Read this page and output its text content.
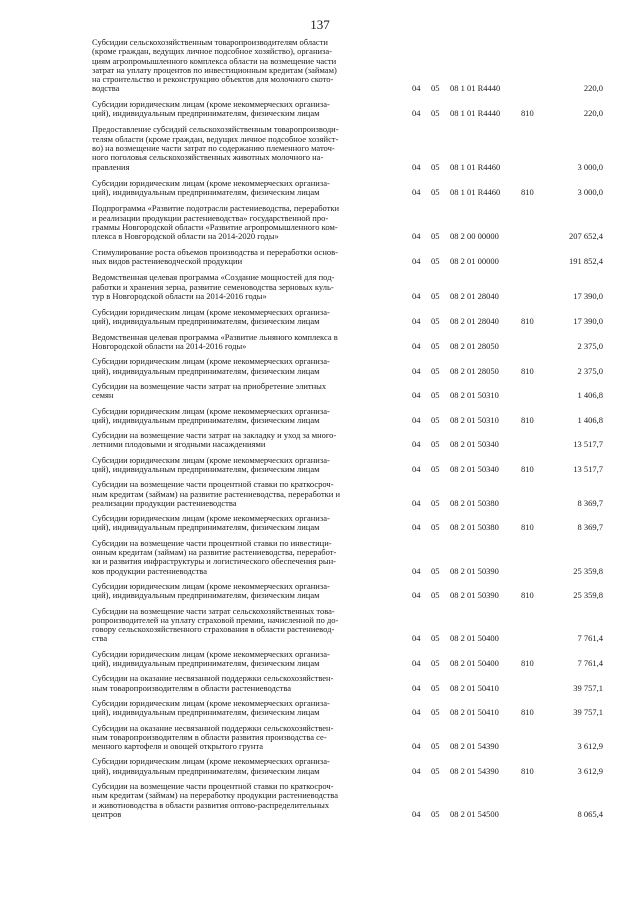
137
Субсидии сельскохозяйственным товаропроизводителям области
(кроме граждан, ведущих личное подсобное хозяйство), организа-
циям агропромышленного комплекса области на возмещение части
затрат на уплату процентов по инвестиционным кредитам (займам)
на строительство и реконструкцию объектов для молочного ското-
водства	04 05 08 1 01 R4440	220,0
Субсидии юридическим лицам (кроме некоммерческих организа-
ций), индивидуальным предпринимателям, физическим лицам	04 05 08 1 01 R4440 810	220,0
Предоставление субсидий сельскохозяйственным товаропроизводи-
телям области (кроме граждан, ведущих личное подсобное хозяйст-
во) на возмещение части затрат по содержанию племенного маточ-
ного поголовья сельскохозяйственных животных молочного на-
правления	04 05 08 1 01 R4460	3 000,0
Субсидии юридическим лицам (кроме некоммерческих организа-
ций), индивидуальным предпринимателям, физическим лицам	04 05 08 1 01 R4460 810	3 000,0
Подпрограмма «Развитие подотрасли растениеводства, переработки
и реализации продукции растениеводства» государственной про-
граммы Новгородской области «Развитие агропромышленного ком-
плекса в Новгородской области на 2014-2020 годы»	04 05 08 2 00 00000	207 652,4
Стимулирование роста объемов производства и переработки основ-
ных видов растениеводческой продукции	04 05 08 2 01 00000	191 852,4
Ведомственная целевая программа «Создание мощностей для под-
работки и хранения зерна, развитие семеноводства зерновых куль-
тур в Новгородской области на 2014-2016 годы»	04 05 08 2 01 28040	17 390,0
Субсидии юридическим лицам (кроме некоммерческих организа-
ций), индивидуальным предпринимателям, физическим лицам	04 05 08 2 01 28040	810	17 390,0
Ведомственная целевая программа «Развитие льняного комплекса в
Новгородской области на 2014-2016 годы»	04 05 08 2 01 28050	2 375,0
Субсидии юридическим лицам (кроме некоммерческих организа-
ций), индивидуальным предпринимателям, физическим лицам	04 05 08 2 01 28050	810	2 375,0
Субсидии на возмещение части затрат на приобретение элитных
семян	04 05 08 2 01 50310	1 406,8
Субсидии юридическим лицам (кроме некоммерческих организа-
ций), индивидуальным предпринимателям, физическим лицам	04 05 08 2 01 50310	810	1 406,8
Субсидии на возмещение части затрат на закладку и уход за много-
летними плодовыми и ягодными насаждениями	04 05 08 2 01 50340	13 517,7
Субсидии юридическим лицам (кроме некоммерческих организа-
ций), индивидуальным предпринимателям, физическим лицам	04 05 08 2 01 50340	810	13 517,7
Субсидии на возмещение части процентной ставки по краткосроч-
ным кредитам (займам) на развитие растениеводства, переработки и
реализации продукции растениеводства	04 05 08 2 01 50380	8 369,7
Субсидии юридическим лицам (кроме некоммерческих организа-
ций), индивидуальным предпринимателям, физическим лицам	04 05 08 2 01 50380	810	8 369,7
Субсидии на возмещение части процентной ставки по инвестици-
онным кредитам (займам) на развитие растениеводства, переработ-
ки и развития инфраструктуры и логистического обеспечения рын-
ков продукции растениеводства	04 05 08 2 01 50390	25 359,8
Субсидии юридическим лицам (кроме некоммерческих организа-
ций), индивидуальным предпринимателям, физическим лицам	04 05 08 2 01 50390	810	25 359,8
Субсидии на возмещение части затрат сельскохозяйственных това-
ропроизводителей на уплату страховой премии, начисленной по до-
говору сельскохозяйственного страхования в области растениевод-
ства	04 05 08 2 01 50400	7 761,4
Субсидии юридическим лицам (кроме некоммерческих организа-
ций), индивидуальным предпринимателям, физическим лицам	04 05 08 2 01 50400	810	7 761,4
Субсидии на оказание несвязанной поддержки сельскохозяйствен-
ным товаропроизводителям в области растениеводства	04 05 08 2 01 50410	39 757,1
Субсидии юридическим лицам (кроме некоммерческих организа-
ций), индивидуальным предпринимателям, физическим лицам	04 05 08 2 01 50410	810	39 757,1
Субсидии на оказание несвязанной поддержки сельскохозяйствен-
ным товаропроизводителям в области развития производства се-
менного картофеля и овощей открытого грунта	04 05 08 2 01 54390	3 612,9
Субсидии юридическим лицам (кроме некоммерческих организа-
ций), индивидуальным предпринимателям, физическим лицам	04 05 08 2 01 54390	810	3 612,9
Субсидии на возмещение части процентной ставки по краткосроч-
ным кредитам (займам) на переработку продукции растениеводства
и животноводства в области развития оптово-распределительных
центров	04 05 08 2 01 54500	8 065,4
